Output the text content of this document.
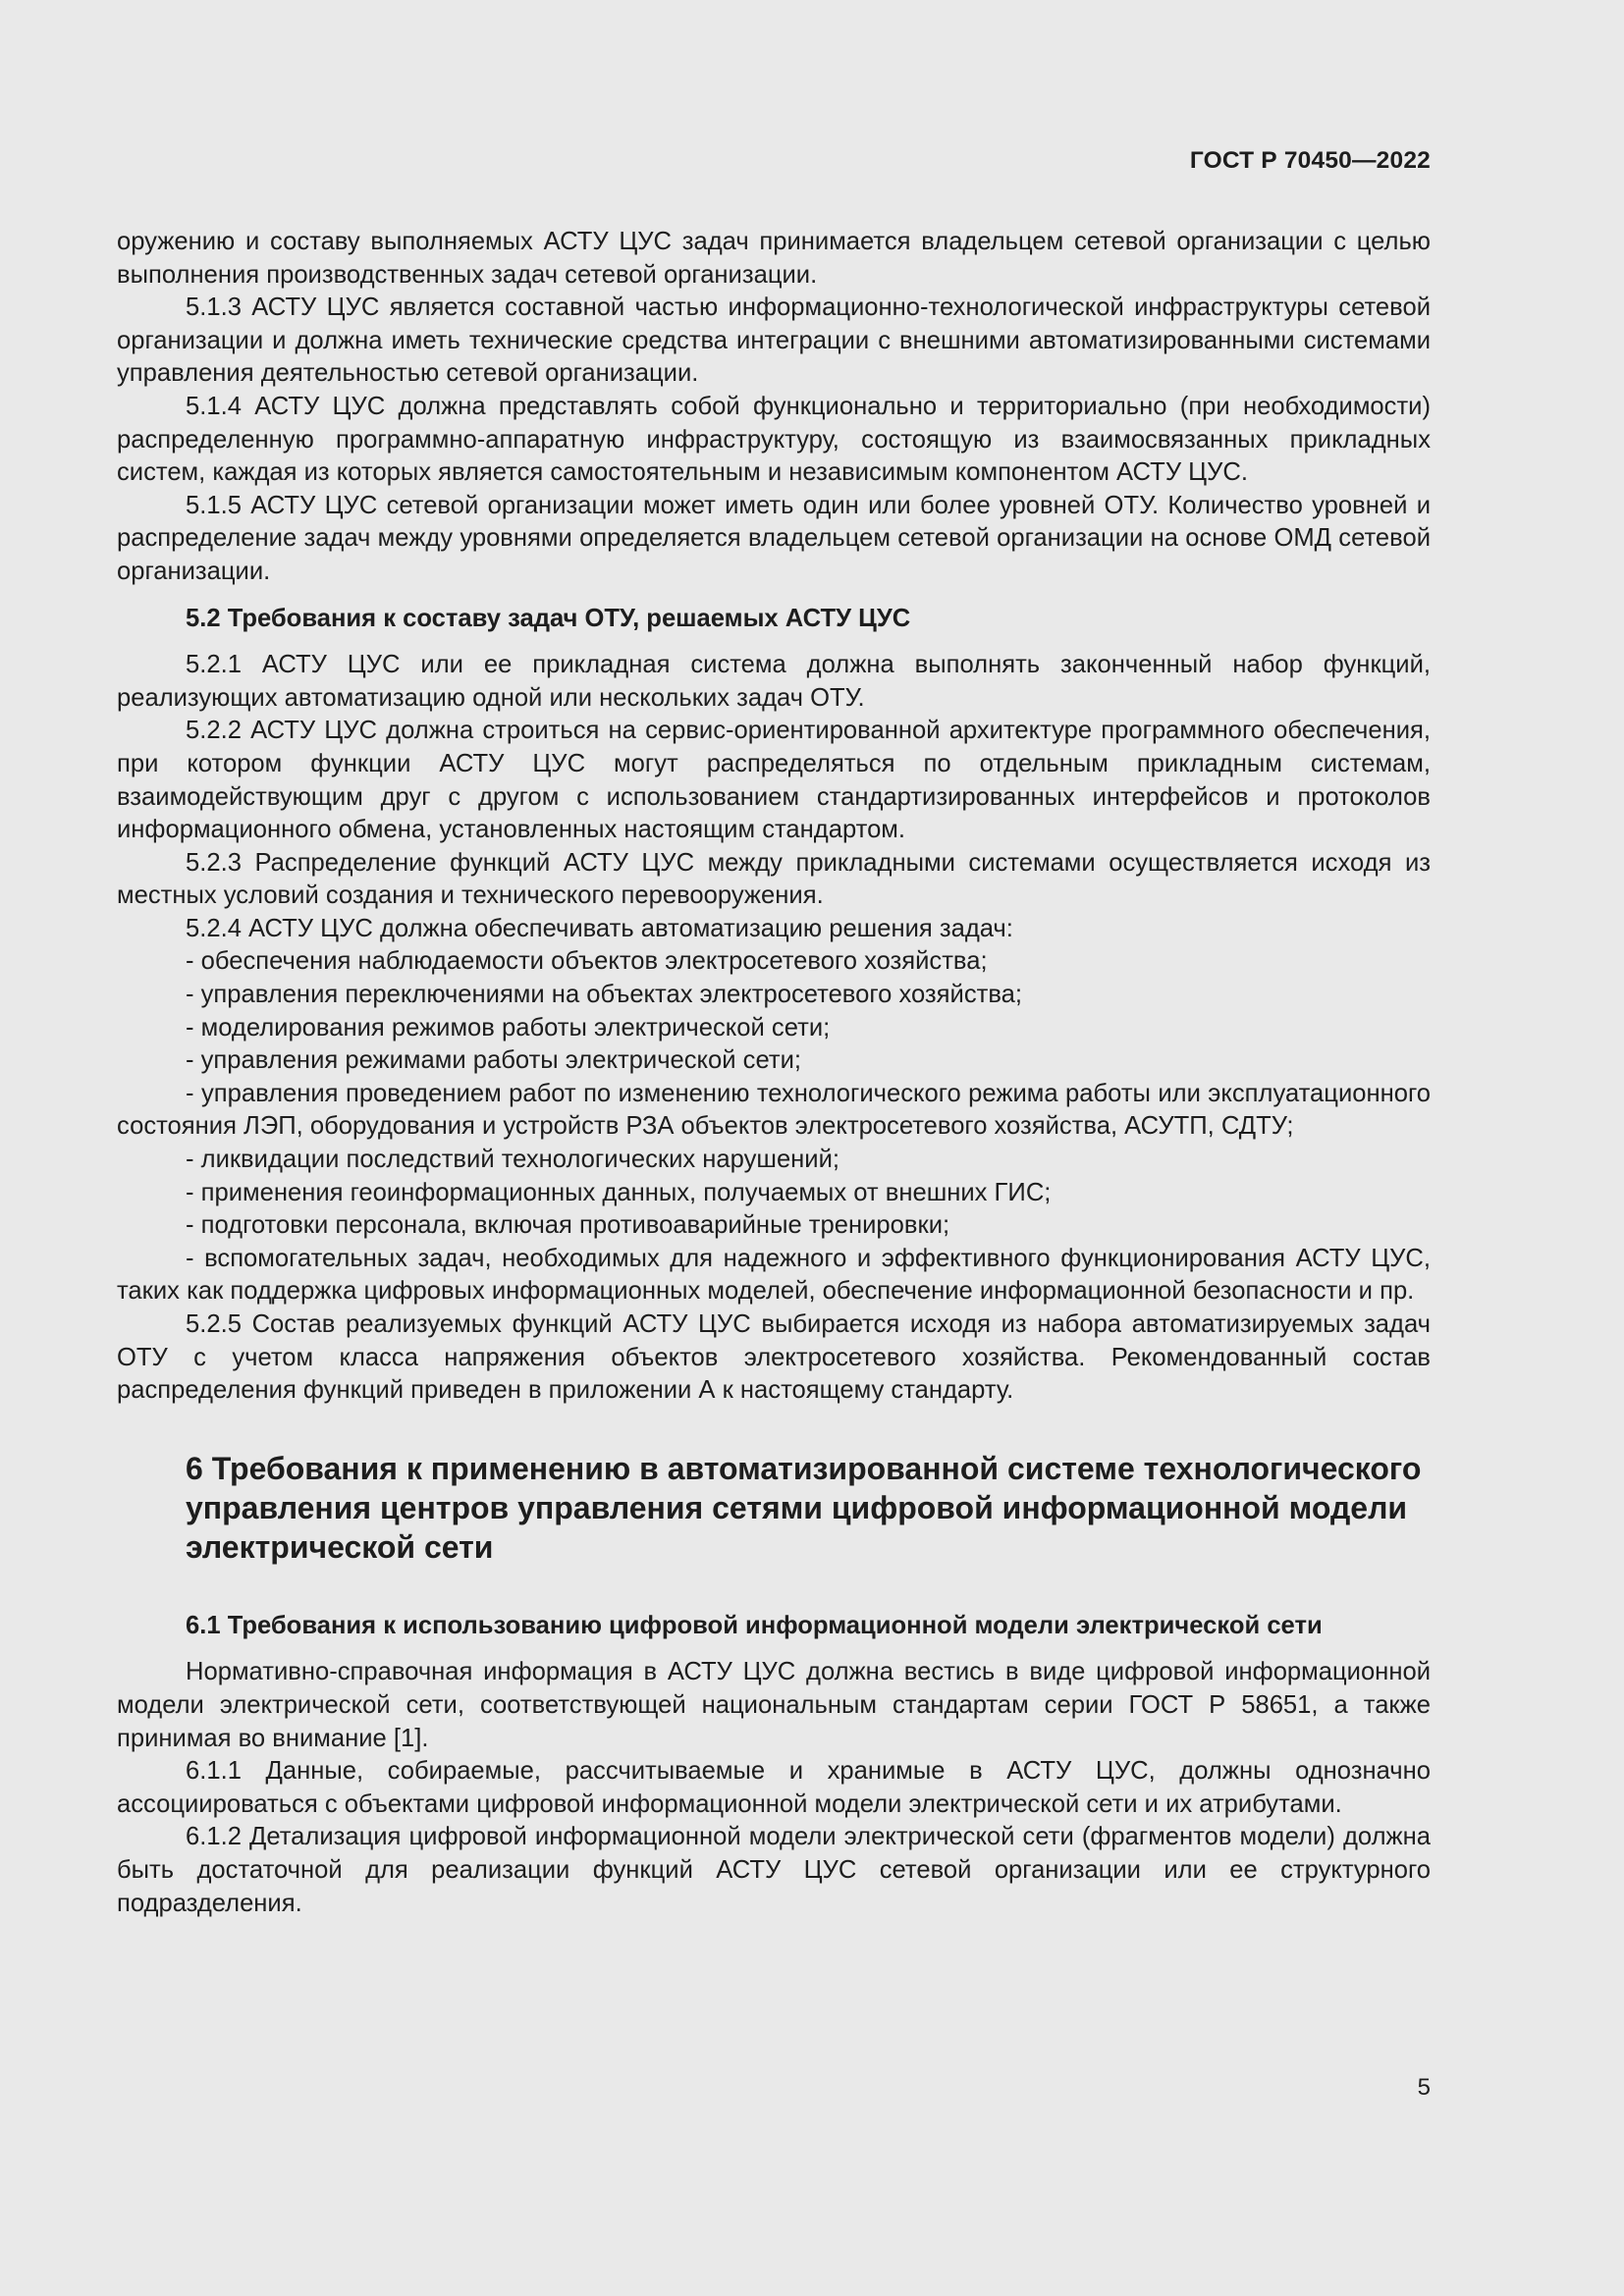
ГОСТ Р 70450—2022

оружению и составу выполняемых АСТУ ЦУС задач принимается владельцем сетевой организации с целью выполнения производственных задач сетевой организации.

5.1.3 АСТУ ЦУС является составной частью информационно-технологической инфраструктуры сетевой организации и должна иметь технические средства интеграции с внешними автоматизированными системами управления деятельностью сетевой организации.

5.1.4 АСТУ ЦУС должна представлять собой функционально и территориально (при необходимости) распределенную программно-аппаратную инфраструктуру, состоящую из взаимосвязанных прикладных систем, каждая из которых является самостоятельным и независимым компонентом АСТУ ЦУС.

5.1.5 АСТУ ЦУС сетевой организации может иметь один или более уровней ОТУ. Количество уровней и распределение задач между уровнями определяется владельцем сетевой организации на основе ОМД сетевой организации.

5.2 Требования к составу задач ОТУ, решаемых АСТУ ЦУС

5.2.1 АСТУ ЦУС или ее прикладная система должна выполнять законченный набор функций, реализующих автоматизацию одной или нескольких задач ОТУ.

5.2.2 АСТУ ЦУС должна строиться на сервис-ориентированной архитектуре программного обеспечения, при котором функции АСТУ ЦУС могут распределяться по отдельным прикладным системам, взаимодействующим друг с другом с использованием стандартизированных интерфейсов и протоколов информационного обмена, установленных настоящим стандартом.

5.2.3 Распределение функций АСТУ ЦУС между прикладными системами осуществляется исходя из местных условий создания и технического перевооружения.

5.2.4 АСТУ ЦУС должна обеспечивать автоматизацию решения задач:

- обеспечения наблюдаемости объектов электросетевого хозяйства;

- управления переключениями на объектах электросетевого хозяйства;

- моделирования режимов работы электрической сети;

- управления режимами работы электрической сети;

- управления проведением работ по изменению технологического режима работы или эксплуатационного состояния ЛЭП, оборудования и устройств РЗА объектов электросетевого хозяйства, АСУТП, СДТУ;

- ликвидации последствий технологических нарушений;

- применения геоинформационных данных, получаемых от внешних ГИС;

- подготовки персонала, включая противоаварийные тренировки;

- вспомогательных задач, необходимых для надежного и эффективного функционирования АСТУ ЦУС, таких как поддержка цифровых информационных моделей, обеспечение информационной безопасности и пр.

5.2.5 Состав реализуемых функций АСТУ ЦУС выбирается исходя из набора автоматизируемых задач ОТУ с учетом класса напряжения объектов электросетевого хозяйства. Рекомендованный состав распределения функций приведен в приложении А к настоящему стандарту.

6 Требования к применению в автоматизированной системе технологического управления центров управления сетями цифровой информационной модели электрической сети
6.1 Требования к использованию цифровой информационной модели электрической сети

Нормативно-справочная информация в АСТУ ЦУС должна вестись в виде цифровой информационной модели электрической сети, соответствующей национальным стандартам серии ГОСТ Р 58651, а также принимая во внимание [1].

6.1.1 Данные, собираемые, рассчитываемые и хранимые в АСТУ ЦУС, должны однозначно ассоциироваться с объектами цифровой информационной модели электрической сети и их атрибутами.

6.1.2 Детализация цифровой информационной модели электрической сети (фрагментов модели) должна быть достаточной для реализации функций АСТУ ЦУС сетевой организации или ее структурного подразделения.

5
